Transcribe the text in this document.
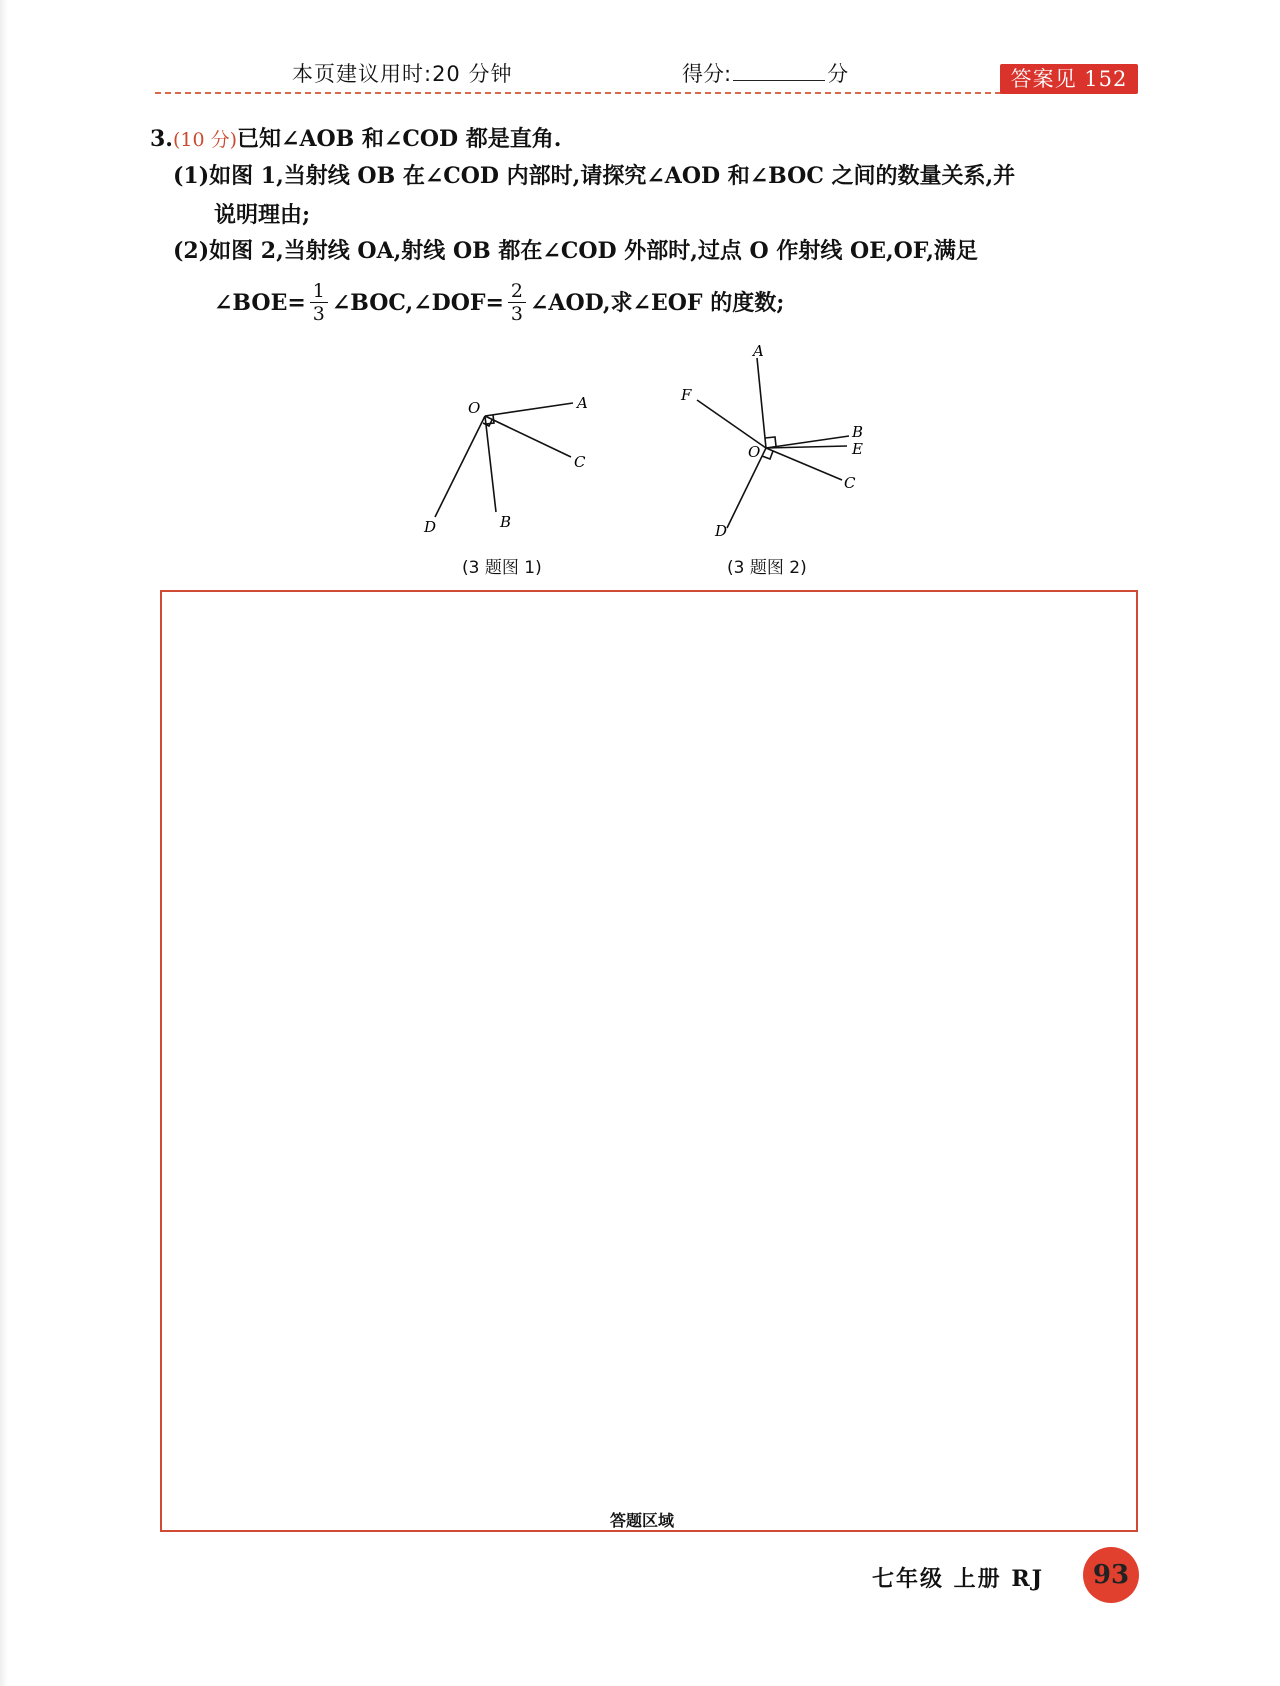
本页建议用时:20 分钟	得分:	分	答案见 152 页
3.(10 分)已知∠AOB 和∠COD 都是直角.
(1)如图 1,当射线 OB 在∠COD 内部时,请探究∠AOD 和∠BOC 之间的数量关系,并
说明理由;
(2)如图 2,当射线 OA,射线 OB 都在∠COD 外部时,过点 O 作射线 OE,OF,满足
∠BOE= $\frac{1}{3}$ ∠BOC,∠DOF= $\frac{2}{3}$ ∠AOD,求∠EOF 的度数;
O	A
C
D	B
(3 题图 1)
A
F
B
E
O
C
D
(3 题图 2)
答题区域
七年级 上册 RJ	93
